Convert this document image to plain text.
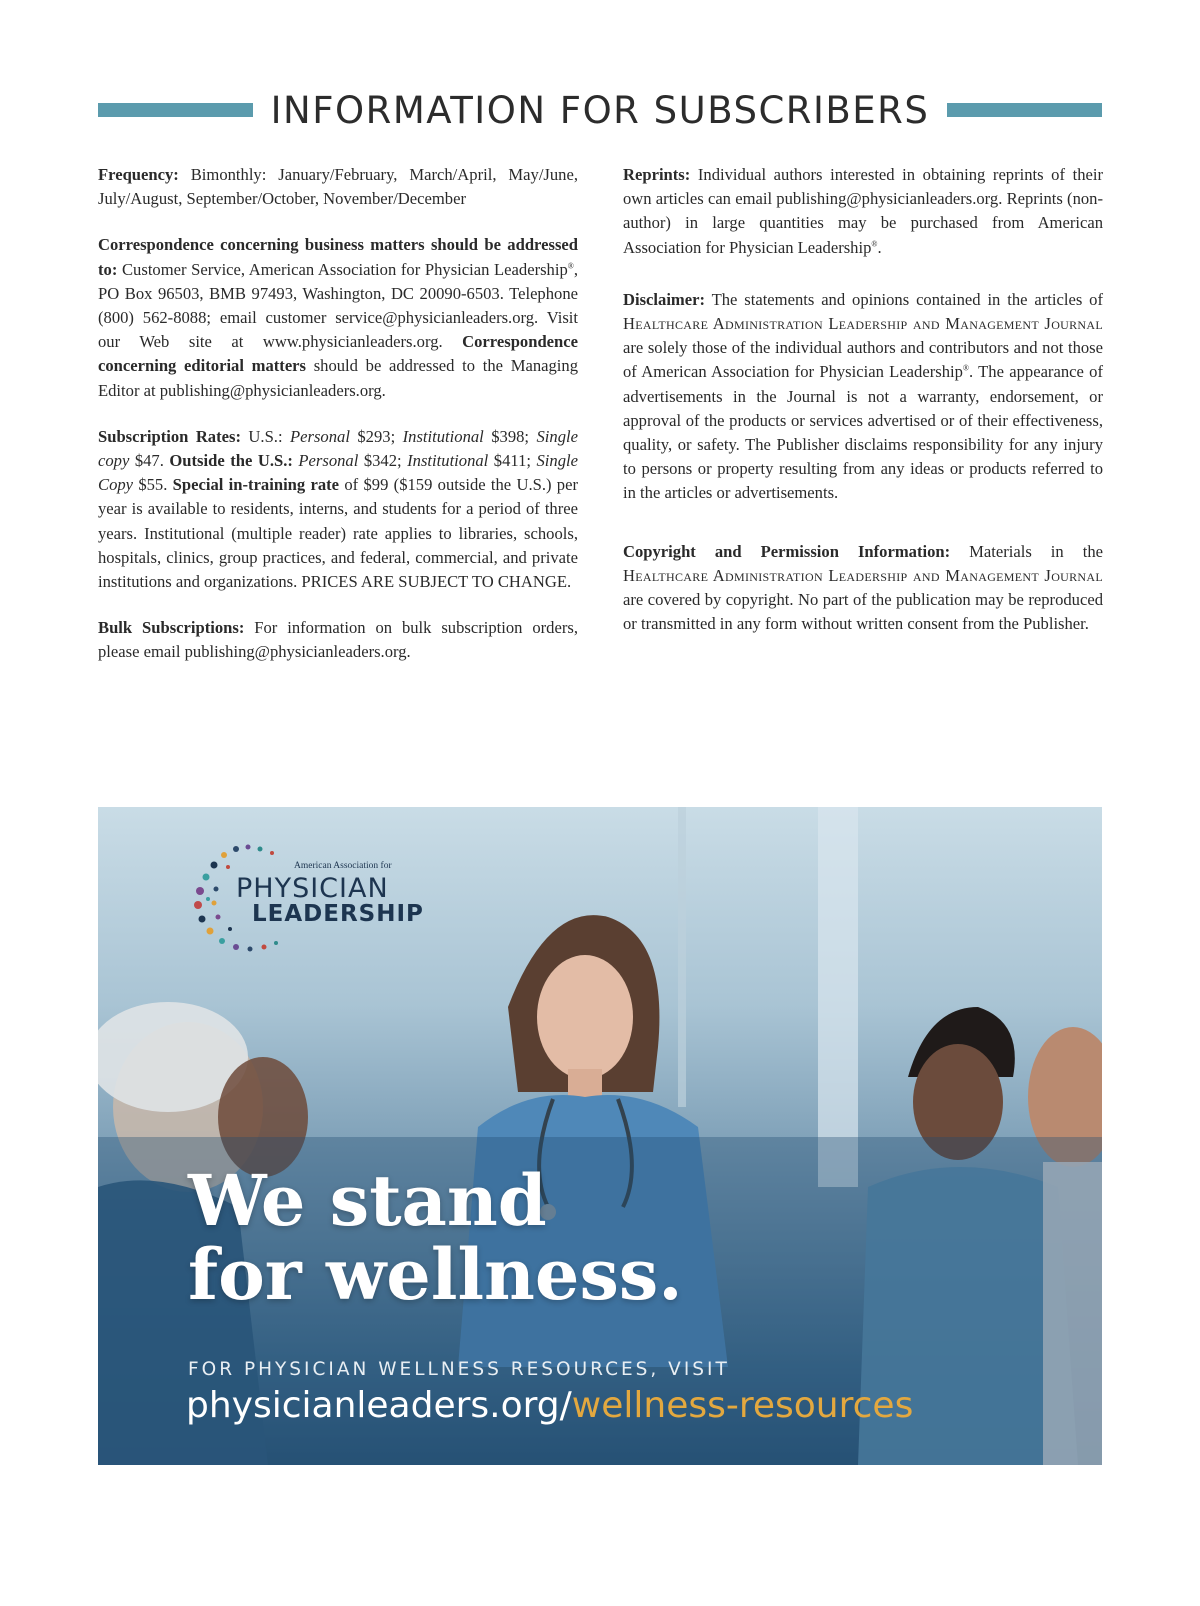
INFORMATION FOR SUBSCRIBERS

Frequency: Bimonthly: January/February, March/April, May/June, July/August, September/October, November/December

Correspondence concerning business matters should be addressed to: Customer Service, American Association for Physician Leadership®, PO Box 96503, BMB 97493, Washington, DC 20090-6503. Telephone (800) 562-8088; email customer service@physicianleaders.org. Visit our Web site at www.physicianleaders.org. Correspondence concerning editorial matters should be addressed to the Managing Editor at publishing@physicianleaders.org.

Subscription Rates: U.S.: Personal $293; Institutional $398; Single copy $47. Outside the U.S.: Personal $342; Institutional $411; Single Copy $55. Special in-training rate of $99 ($159 outside the U.S.) per year is available to residents, interns, and students for a period of three years. Institutional (multiple reader) rate applies to libraries, schools, hospitals, clinics, group practices, and federal, commercial, and private institutions and organizations. PRICES ARE SUBJECT TO CHANGE.

Bulk Subscriptions: For information on bulk subscription orders, please email publishing@physicianleaders.org.

Reprints: Individual authors interested in obtaining reprints of their own articles can email publishing@physicianleaders.org. Reprints (non-author) in large quantities may be purchased from American Association for Physician Leadership®.

Disclaimer: The statements and opinions contained in the articles of Healthcare Administration Leadership and Management Journal are solely those of the individual authors and contributors and not those of American Association for Physician Leadership®. The appearance of advertisements in the Journal is not a warranty, endorsement, or approval of the products or services advertised or of their effectiveness, quality, or safety. The Publisher disclaims responsibility for any injury to persons or property resulting from any ideas or products referred to in the articles or advertisements.

Copyright and Permission Information: Materials in the Healthcare Administration Leadership and Management Journal are covered by copyright. No part of the publication may be reproduced or transmitted in any form without written consent from the Publisher.

American Association for
PHYSICIAN
LEADERSHIP
We stand
for wellness.
FOR PHYSICIAN WELLNESS RESOURCES, VISIT
physicianleaders.org/wellness-resources
